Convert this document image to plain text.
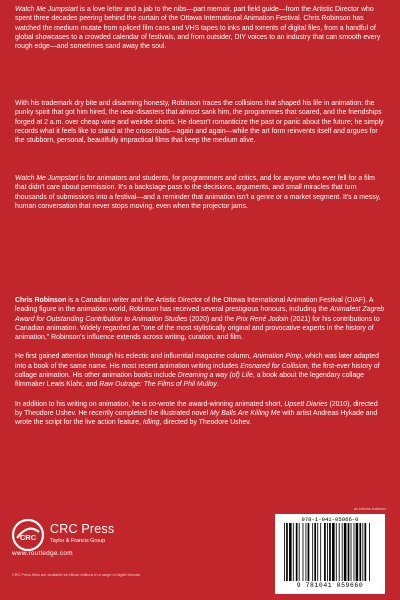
Watch Me Jumpstart is a love letter and a jab to the nibs—part memoir, part field guide—from the Artistic Director who spent three decades peering behind the curtain of the Ottawa International Animation Festival. Chris Robinson has watched the medium mutate from spliced film cans and VHS tapes to inks and torrents of digital files, from a handful of global showcases to a crowded calendar of festivals, and from outsider, DIY voices to an industry that can smooth every rough edge—and sometimes sand away the soul.

With his trademark dry bite and disarming honesty, Robinson traces the collisions that shaped his life in animation: the punky spirit that got him hired, the near-disasters that almost sank him, the programmes that soared, and the friendships forged at 2 a.m. over cheap wine and weirder shorts. He doesn't romanticize the past or panic about the future; he simply records what it feels like to stand at the crossroads—again and again—while the art form reinvents itself and argues for the stubborn, personal, beautifully impractical films that keep the medium alive.

Watch Me Jumpstart is for animators and students, for programmers and critics, and for anyone who ever fell for a film that didn't care about permission. It's a backstage pass to the decisions, arguments, and small miracles that turn thousands of submissions into a festival—and a reminder that animation isn't a genre or a market segment. It's a messy, human conversation that never stops moving, even when the projector jams.

Chris Robinson is a Canadian writer and the Artistic Director of the Ottawa International Animation Festival (OIAF). A leading figure in the animation world, Robinson has received several prestigious honours, including the Animafest Zagreb Award for Outstanding Contribution to Animation Studies (2020) and the Prix René Jodoin (2021) for his contributions to Canadian animation. Widely regarded as "one of the most stylistically original and provocative experts in the history of animation," Robinson's influence extends across writing, curation, and film.

He first gained attention through his eclectic and influential magazine column, Animation Pimp, which was later adapted into a book of the same name. His most recent animation writing includes Ensnared for Collision, the first-ever history of collage animation. His other animation books include Dreaming a way (of) Life, a book about the legendary collage filmmaker Lewis Klahr, and Raw Outrage: The Films of Phil Mulloy.

In addition to his writing on animation, he is co-wrote the award-winning animated short, Upsett Diaries (2010), directed by Theodore Ushev. He recently completed the illustrated novel My Balls Are Killing Me with artist Andreas Hykade and wrote the script for the live action feature, Idling, directed by Theodore Ushev.

CRC
CRC Press
Taylor & Francis Group
www.routledge.com
CRC Press titles are available as eBook editions in a range of digital formats
an informa business
978-1-041-05966-0
9 781041 059660
